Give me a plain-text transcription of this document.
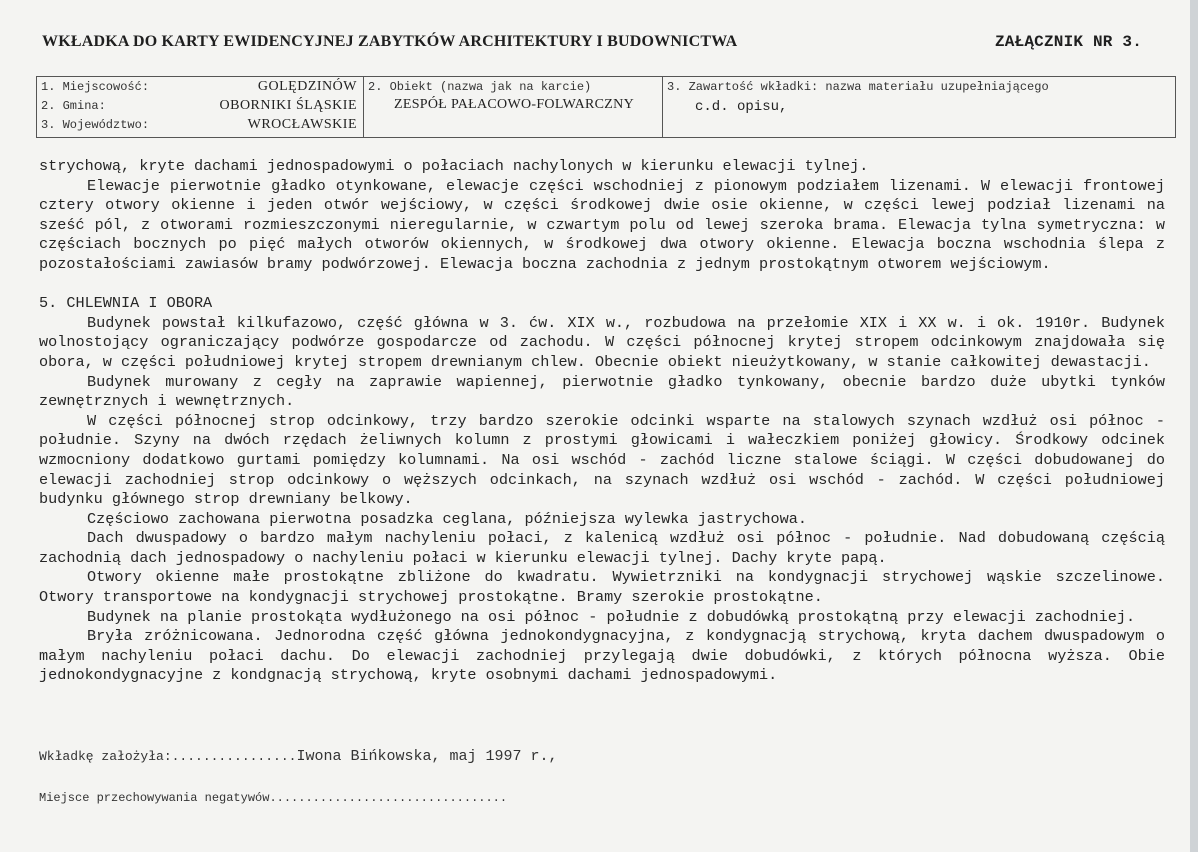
WKŁADKA DO KARTY EWIDENCYJNEJ ZABYTKÓW ARCHITEKTURY I BUDOWNICTWA	ZAŁĄCZNIK NR 3.
1. Miejscowość:	GOLĘDZINÓW
2. Gmina:	OBORNIKI ŚLĄSKIE
3. Województwo:	WROCŁAWSKIE
2. Obiekt (nazwa jak na karcie)
ZESPÓŁ PAŁACOWO-FOLWARCZNY
3. Zawartość wkładki: nazwa materiału uzupełniającego
c.d. opisu,

strychową, kryte dachami jednospadowymi o połaciach nachylonych w kierunku elewacji tylnej.

Elewacje pierwotnie gładko otynkowane, elewacje części wschodniej z pionowym podziałem lizenami. W elewacji frontowej cztery otwory okienne i jeden otwór wejściowy, w części środkowej dwie osie okienne, w części lewej podział lizenami na sześć pól, z otworami rozmieszczonymi nieregularnie, w czwartym polu od lewej szeroka brama. Elewacja tylna symetryczna: w częściach bocznych po pięć małych otworów okiennych, w środkowej dwa otwory okienne. Elewacja boczna wschodnia ślepa z pozostałościami zawiasów bramy podwórzowej. Elewacja boczna zachodnia z jednym prostokątnym otworem wejściowym.

5. CHLEWNIA I OBORA

Budynek powstał kilkufazowo, część główna w 3. ćw. XIX w., rozbudowa na przełomie XIX i XX w. i ok. 1910r. Budynek wolnostojący ograniczający podwórze gospodarcze od zachodu. W części północnej krytej stropem odcinkowym znajdowała się obora, w części południowej krytej stropem drewnianym chlew. Obecnie obiekt nieużytkowany, w stanie całkowitej dewastacji.

Budynek murowany z cegły na zaprawie wapiennej, pierwotnie gładko tynkowany, obecnie bardzo duże ubytki tynków zewnętrznych i wewnętrznych.

W części północnej strop odcinkowy, trzy bardzo szerokie odcinki wsparte na stalowych szynach wzdłuż osi północ - południe. Szyny na dwóch rzędach żeliwnych kolumn z prostymi głowicami i wałeczkiem poniżej głowicy. Środkowy odcinek wzmocniony dodatkowo gurtami pomiędzy kolumnami. Na osi wschód - zachód liczne stalowe ściągi. W części dobudowanej do elewacji zachodniej strop odcinkowy o węższych odcinkach, na szynach wzdłuż osi wschód - zachód. W części południowej budynku głównego strop drewniany belkowy.

Częściowo zachowana pierwotna posadzka ceglana, późniejsza wylewka jastrychowa.

Dach dwuspadowy o bardzo małym nachyleniu połaci, z kalenicą wzdłuż osi północ - południe. Nad dobudowaną częścią zachodnią dach jednospadowy o nachyleniu połaci w kierunku elewacji tylnej. Dachy kryte papą.

Otwory okienne małe prostokątne zbliżone do kwadratu. Wywietrzniki na kondygnacji strychowej wąskie szczelinowe. Otwory transportowe na kondygnacji strychowej prostokątne. Bramy szerokie prostokątne.

Budynek na planie prostokąta wydłużonego na osi północ - południe z dobudówką prostokątną przy elewacji zachodniej.

Bryła zróżnicowana. Jednorodna część główna jednokondygnacyjna, z kondygnacją strychową, kryta dachem dwuspadowym o małym nachyleniu połaci dachu. Do elewacji zachodniej przylegają dwie dobudówki, z których północna wyższa. Obie jednokondygnacyjne z kondgnacją strychową, kryte osobnymi dachami jednospadowymi.

Wkładkę założyła:................Iwona Bińkowska, maj 1997 r.,
Miejsce przechowywania negatywów.................................
